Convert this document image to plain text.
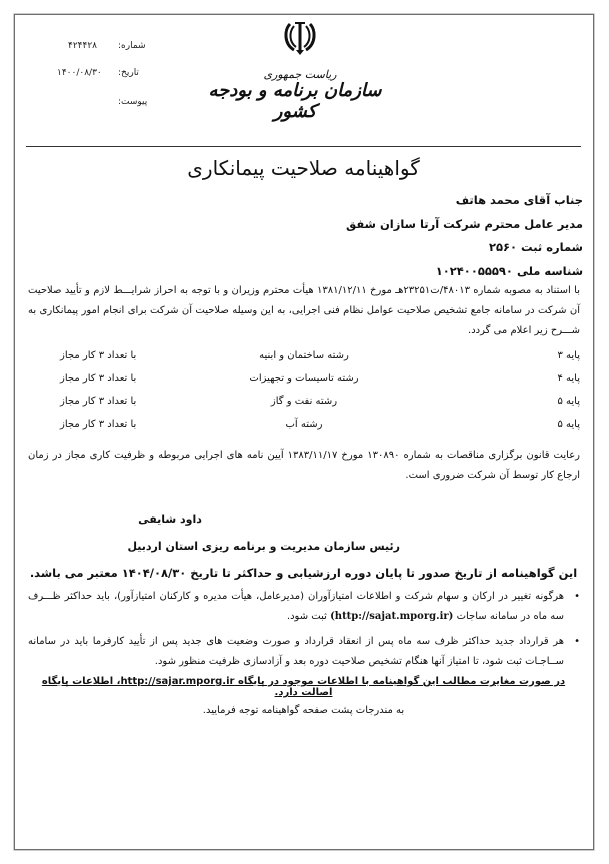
شماره:
۴۲۴۴۲۸
تاریخ:
۱۴۰۰/۰۸/۳۰
پیوست:
ریاست جمهوری
سازمان برنامه و بودجه کشور
گواهینامه صلاحیت پیمانکاری
جناب آقای محمد هاتف
مدیر عامل محترم شرکت آرتا سازان شفق
شماره ثبت ۲۵۶۰
شناسه ملی ۱۰۲۴۰۰۵۵۵۹۰
با استناد به مصوبه شماره ۴۸۰۱۳/ت۲۳۲۵۱هـ مورخ ۱۳۸۱/۱۲/۱۱ هیأت محترم وزیران و با توجه به احراز شرایـــط لازم و تأیید صلاحیت آن شرکت در سامانه جامع تشخیص صلاحیت عوامل نظام فنی اجرایی، به این وسیله صلاحیت آن شرکت برای انجام امور پیمانکاری به شـــرح زیر اعلام می گردد.
پایه ۳
رشته ساختمان و ابنیه
با تعداد ۳ کار مجاز
پایه ۴
رشته تاسیسات و تجهیزات
با تعداد ۳ کار مجاز
پایه ۵
رشته نفت و گاز
با تعداد ۳ کار مجاز
پایه ۵
رشته آب
با تعداد ۳ کار مجاز
رعایت قانون برگزاری مناقصات به شماره ۱۳۰۸۹۰ مورخ ۱۳۸۳/۱۱/۱۷ آیین نامه های اجرایی مربوطه و ظرفیت کاری مجاز در زمان ارجاع کار توسط آن شرکت ضروری است.
داود شایقی
رئیس سازمان مدیریت و برنامه ریزی استان اردبیل
این گواهینامه از تاریخ صدور تا پایان دوره ارزشیابی و حداکثر تا تاریخ ۱۴۰۴/۰۸/۳۰ معتبر می باشد.
•
هرگونه تغییر در ارکان و سهام شرکت و اطلاعات امتیازآوران (مدیرعامل، هیأت مدیره و کارکنان امتیازآور)، باید حداکثر ظـــرف سه ماه در سامانه ساجات (http://sajat.mporg.ir) ثبت شود.
•
هر قرارداد جدید حداکثر ظرف سه ماه پس از انعقاد قرارداد و صورت وضعیت های جدید پس از تأیید کارفرما باید در سامانه ســاجـات ثبت شود، تا امتیاز آنها هنگام تشخیص صلاحیت دوره بعد و آزادسازی ظرفیت منظور شود.
در صورت مغایرت مطالب این گواهینامه با اطلاعات موجود در پایگاه http://sajar.mporg.ir، اطلاعات پایگاه اصالت دارد.
به مندرجات پشت صفحه گواهینامه توجه فرمایید.
